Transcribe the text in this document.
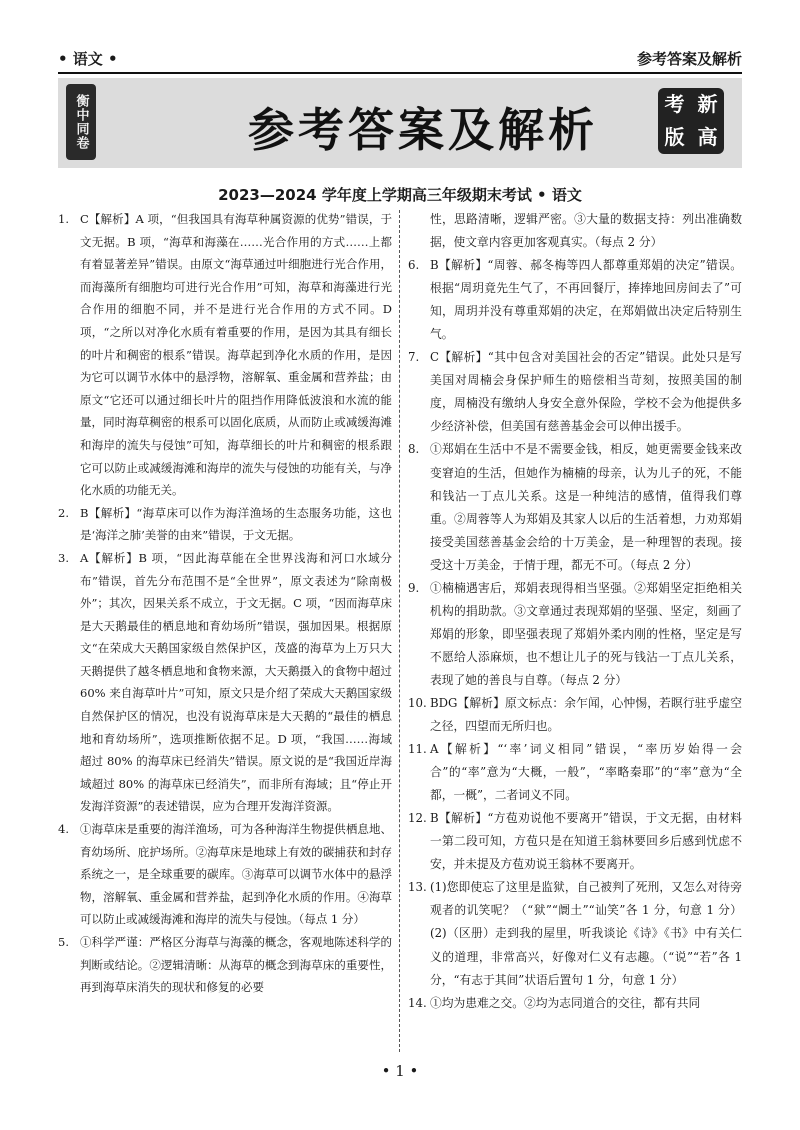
• 语文 •	参考答案及解析
衡中同卷	参考答案及解析	考 新
版 高
2023—2024 学年度上学期高三年级期末考试 • 语文
1. C【解析】A 项，“但我国具有海草种属资源的优势”错误，于文无据。B 项，“海草和海藻在……光合作用的方式……上都有着显著差异”错误。由原文“海草通过叶细胞进行光合作用，而海藻所有细胞均可进行光合作用”可知，海草和海藻进行光合作用的细胞不同，并不是进行光合作用的方式不同。D 项，“之所以对净化水质有着重要的作用，是因为其具有细长的叶片和稠密的根系”错误。海草起到净化水质的作用，是因为它可以调节水体中的悬浮物，溶解氧、重金属和营养盐；由原文“它还可以通过细长叶片的阻挡作用降低波浪和水流的能量，同时海草稠密的根系可以固化底质，从而防止或减缓海滩和海岸的流失与侵蚀”可知，海草细长的叶片和稠密的根系跟它可以防止或减缓海滩和海岸的流失与侵蚀的功能有关，与净化水质的功能无关。
2. B【解析】“海草床可以作为海洋渔场的生态服务功能，这也是‘海洋之肺’美誉的由来”错误，于文无据。
3. A【解析】B 项，“因此海草能在全世界浅海和河口水域分布”错误，首先分布范围不是“全世界”，原文表述为“除南极外”；其次，因果关系不成立，于文无据。C 项，“因而海草床是大天鹅最佳的栖息地和育幼场所”错误，强加因果。根据原文“在荣成大天鹅国家级自然保护区，茂盛的海草为上万只大天鹅提供了越冬栖息地和食物来源，大天鹅摄入的食物中超过 60% 来自海草叶片”可知，原文只是介绍了荣成大天鹅国家级自然保护区的情况，也没有说海草床是大天鹅的“最佳的栖息地和育幼场所”，选项推断依据不足。D 项，“我国……海域超过 80% 的海草床已经消失”错误。原文说的是“我国近岸海域超过 80% 的海草床已经消失”，而非所有海域；且“停止开发海洋资源”的表述错误，应为合理开发海洋资源。
4. ①海草床是重要的海洋渔场，可为各种海洋生物提供栖息地、育幼场所、庇护场所。②海草床是地球上有效的碳捕获和封存系统之一，是全球重要的碳库。③海草可以调节水体中的悬浮物，溶解氧、重金属和营养盐，起到净化水质的作用。④海草可以防止或减缓海滩和海岸的流失与侵蚀。（每点 1 分）
5. ①科学严谨：严格区分海草与海藻的概念，客观地陈述科学的判断或结论。②逻辑清晰：从海草的概念到海草床的重要性，再到海草床消失的现状和修复的必要
性，思路清晰，逻辑严密。③大量的数据支持：列出准确数据，使文章内容更加客观真实。（每点 2 分）
6. B【解析】“周蓉、郝冬梅等四人都尊重郑娟的决定”错误。根据“周玥竟先生气了，不再回餐厅，捧捧地回房间去了”可知，周玥并没有尊重郑娟的决定，在郑娟做出决定后特别生气。
7. C【解析】“其中包含对美国社会的否定”错误。此处只是写美国对周楠会身保护师生的赔偿相当苛刻，按照美国的制度，周楠没有缴纳人身安全意外保险，学校不会为他提供多少经济补偿，但美国有慈善基金会可以伸出援手。
8. ①郑娟在生活中不是不需要金钱，相反，她更需要金钱来改变窘迫的生活，但她作为楠楠的母亲，认为儿子的死，不能和钱沾一丁点儿关系。这是一种纯洁的感情，值得我们尊重。②周蓉等人为郑娟及其家人以后的生活着想，力劝郑娟接受美国慈善基金会给的十万美金，是一种理智的表现。接受这十万美金，于情于理，都无不可。（每点 2 分）
9. ①楠楠遇害后，郑娟表现得相当坚强。②郑娟坚定拒绝相关机构的捐助款。③文章通过表现郑娟的坚强、坚定，刻画了郑娟的形象，即坚强表现了郑娟外柔内刚的性格，坚定是写不愿给人添麻烦，也不想让儿子的死与钱沾一丁点儿关系，表现了她的善良与自尊。（每点 2 分）
10. BDG【解析】原文标点：余乍闻，心忡惕，若瞑行驻乎虚空之径，四望而无所归也。
11. A【解析】“‘率’词义相同”错误，“率历岁始得一会合”的“率”意为“大概，一般”，“率略秦耶”的“率”意为“全都，一概”，二者词义不同。
12. B【解析】“方苞劝说他不要离开”错误，于文无据，由材料一第二段可知，方苞只是在知道王翁林要回乡后感到忧虑不安，并未提及方苞劝说王翁林不要离开。
13. (1)您即使忘了这里是监狱，自己被判了死刑，又怎么对待旁观者的讥笑呢？（“狱”“阛土”“讪笑”各 1 分，句意 1 分） (2)（区册）走到我的屋里，听我谈论《诗》《书》中有关仁义的道理，非常高兴，好像对仁义有志趣。（“说”“若”各 1 分，“有志于其间”状语后置句 1 分，句意 1 分）
14. ①均为患难之交。②均为志同道合的交往，都有共同
• 1 •
